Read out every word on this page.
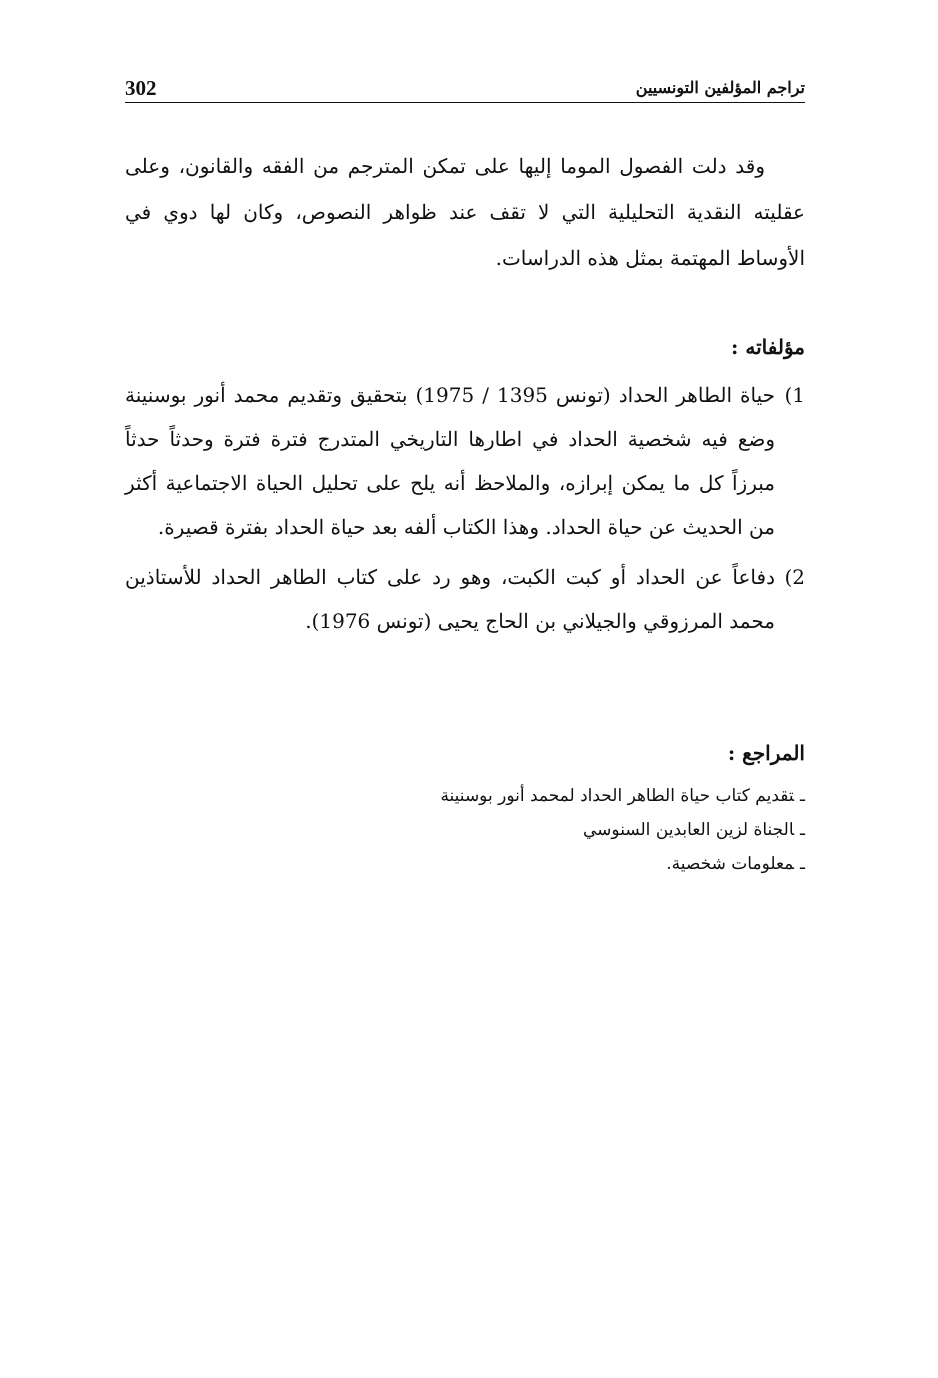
تراجم المؤلفين التونسيين
302

وقد دلت الفصول الموما إليها على تمكن المترجم من الفقه والقانون، وعلى عقليته النقدية التحليلية التي لا تقف عند ظواهر النصوص، وكان لها دوي في الأوساط المهتمة بمثل هذه الدراسات.

مؤلفاته :
1)
حياة الطاهر الحداد (تونس 1395 / 1975) بتحقيق وتقديم محمد أنور بوسنينة وضع فيه شخصية الحداد في اطارها التاريخي المتدرج فترة فترة وحدثاً حدثاً مبرزاً كل ما يمكن إبرازه، والملاحظ أنه يلح على تحليل الحياة الاجتماعية أكثر من الحديث عن حياة الحداد. وهذا الكتاب ألفه بعد حياة الحداد بفترة قصيرة.
2)
دفاعاً عن الحداد أو كبت الكبت، وهو رد على كتاب الطاهر الحداد للأستاذين محمد المرزوقي والجيلاني بن الحاج يحيى (تونس 1976).
المراجع :
ـتقديم كتاب حياة الطاهر الحداد لمحمد أنور بوسنينة
ـالجناة لزين العابدين السنوسي
ـمعلومات شخصية.
